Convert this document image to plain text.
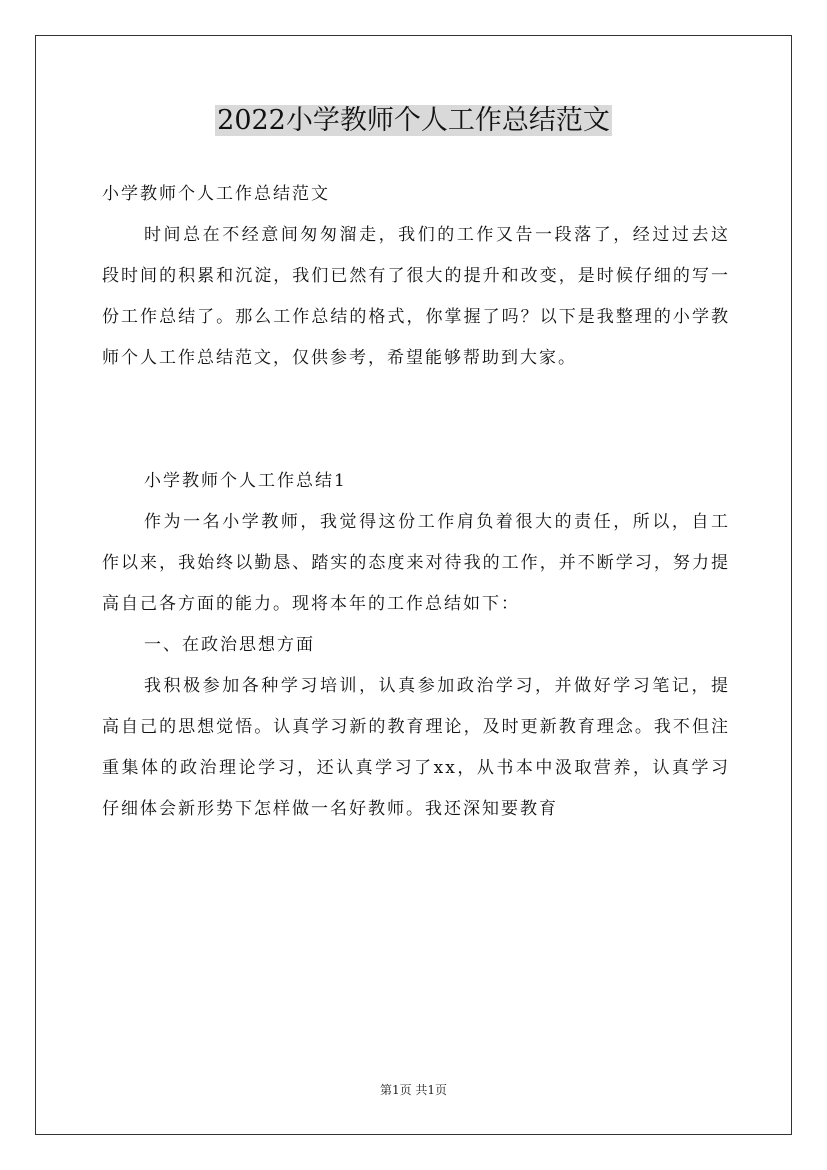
2022小学教师个人工作总结范文

小学教师个人工作总结范文

时间总在不经意间匆匆溜走，我们的工作又告一段落了，经过过去这段时间的积累和沉淀，我们已然有了很大的提升和改变，是时候仔细的写一份工作总结了。那么工作总结的格式，你掌握了吗？以下是我整理的小学教师个人工作总结范文，仅供参考，希望能够帮助到大家。

小学教师个人工作总结1

作为一名小学教师，我觉得这份工作肩负着很大的责任，所以，自工作以来，我始终以勤恳、踏实的态度来对待我的工作，并不断学习，努力提高自己各方面的能力。现将本年的工作总结如下：

一、在政治思想方面

我积极参加各种学习培训，认真参加政治学习，并做好学习笔记，提高自己的思想觉悟。认真学习新的教育理论，及时更新教育理念。我不但注重集体的政治理论学习，还认真学习了xx，从书本中汲取营养，认真学习仔细体会新形势下怎样做一名好教师。我还深知要教育

第1页 共1页
